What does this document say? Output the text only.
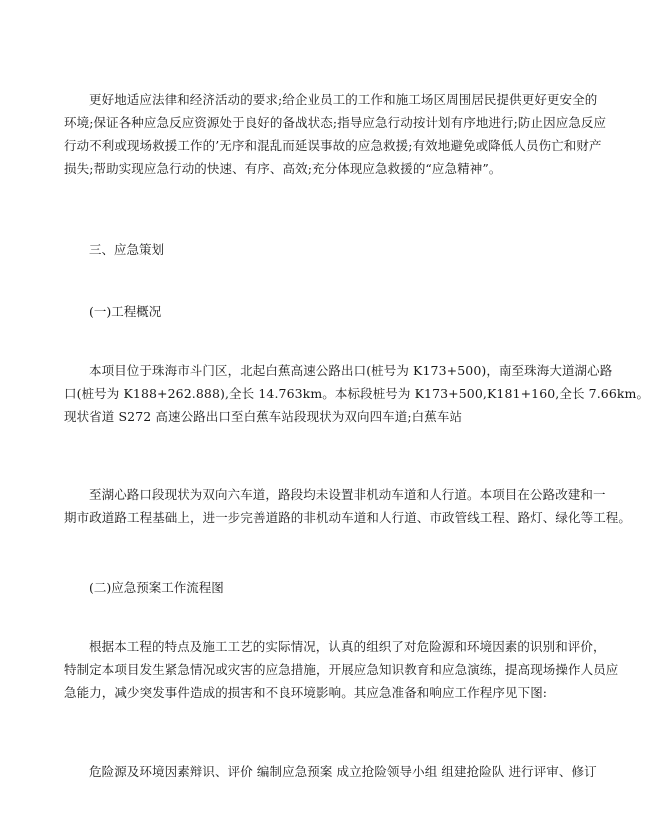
更好地适应法律和经济活动的要求;给企业员工的工作和施工场区周围居民提供更好更安全的
环境;保证各种应急反应资源处于良好的备战状态;指导应急行动按计划有序地进行;防止因应急反应
行动不利或现场救援工作的’无序和混乱而延误事故的应急救援;有效地避免或降低人员伤亡和财产
损失;帮助实现应急行动的快速、有序、高效;充分体现应急救援的“应急精神”。
三、应急策划
(一)工程概况
本项目位于珠海市斗门区，北起白蕉高速公路出口(桩号为 K173+500)，南至珠海大道湖心路
口(桩号为 K188+262.888),全长 14.763km。本标段桩号为 K173+500,K181+160,全长 7.66km。
现状省道 S272 高速公路出口至白蕉车站段现状为双向四车道;白蕉车站
至湖心路口段现状为双向六车道，路段均未设置非机动车道和人行道。本项目在公路改建和一
期市政道路工程基础上，进一步完善道路的非机动车道和人行道、市政管线工程、路灯、绿化等工程。
(二)应急预案工作流程图
根据本工程的特点及施工工艺的实际情况，认真的组织了对危险源和环境因素的识别和评价，
特制定本项目发生紧急情况或灾害的应急措施，开展应急知识教育和应急演练，提高现场操作人员应
急能力，减少突发事件造成的损害和不良环境影响。其应急准备和响应工作程序见下图:
危险源及环境因素辩识、评价 编制应急预案 成立抢险领导小组 组建抢险队 进行评审、修订
